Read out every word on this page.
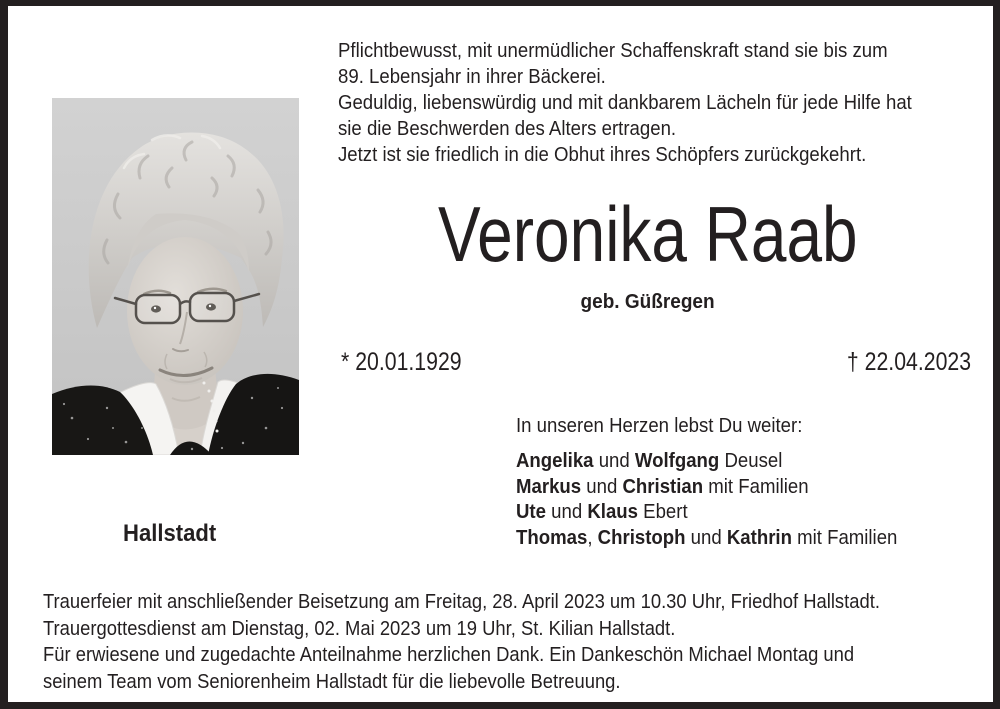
Pflichtbewusst, mit unermüdlicher Schaffenskraft stand sie bis zum
89. Lebensjahr in ihrer Bäckerei.
Geduldig, liebenswürdig und mit dankbarem Lächeln für jede Hilfe hat
sie die Beschwerden des Alters ertragen.
Jetzt ist sie friedlich in die Obhut ihres Schöpfers zurückgekehrt.
Veronika Raab
geb. Güßregen
* 20.01.1929	† 22.04.2023
In unseren Herzen lebst Du weiter:
Angelika und Wolfgang Deusel
Markus und Christian mit Familien
Ute und Klaus Ebert
Thomas, Christoph und Kathrin mit Familien
Hallstadt
Trauerfeier mit anschließender Beisetzung am Freitag, 28. April 2023 um 10.30 Uhr, Friedhof Hallstadt.
Trauergottesdienst am Dienstag, 02. Mai 2023 um 19 Uhr, St. Kilian Hallstadt.
Für erwiesene und zugedachte Anteilnahme herzlichen Dank. Ein Dankeschön Michael Montag und
seinem Team vom Seniorenheim Hallstadt für die liebevolle Betreuung.
